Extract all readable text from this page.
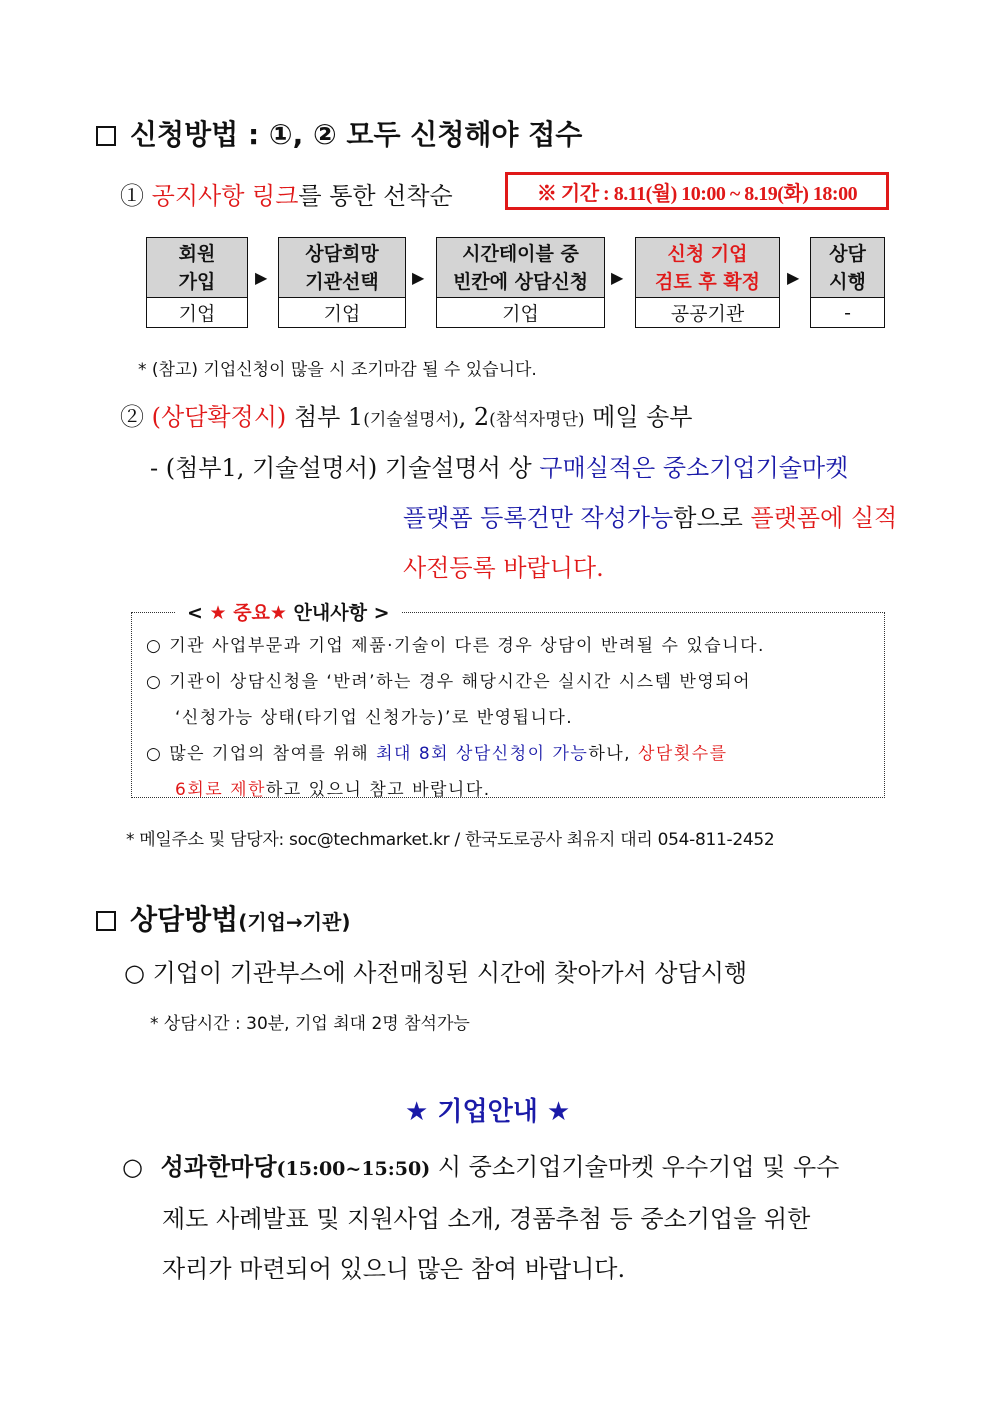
신청방법 : ①, ② 모두 신청해야 접수
① 공지사항 링크를 통한 선착순	※ 기간 : 8.11(월) 10:00 ~ 8.19(화) 18:00
회원
가입
기업
▶
상담희망
기관선택
기업
▶
시간테이블 중
빈칸에 상담신청
기업
▶
신청 기업
검토 후 확정
공공기관
▶
상담
시행
-
* (참고) 기업신청이 많을 시 조기마감 될 수 있습니다.
② (상담확정시) 첨부 1(기술설명서), 2(참석자명단) 메일 송부
- (첨부1, 기술설명서) 기술설명서 상 구매실적은 중소기업기술마켓
플랫폼 등록건만 작성가능함으로 플랫폼에 실적
사전등록 바랍니다.
< ★ 중요★ 안내사항 >
○ 기관 사업부문과 기업 제품·기술이 다른 경우 상담이 반려될 수 있습니다.
○ 기관이 상담신청을 ‘반려’하는 경우 해당시간은 실시간 시스템 반영되어
‘신청가능 상태(타기업 신청가능)’로 반영됩니다.
○ 많은 기업의 참여를 위해 최대 8회 상담신청이 가능하나, 상담횟수를
6회로 제한하고 있으니 참고 바랍니다.
* 메일주소 및 담당자: soc@techmarket.kr / 한국도로공사 최유지 대리 054-811-2452
상담방법(기업→기관)
○ 기업이 기관부스에 사전매칭된 시간에 찾아가서 상담시행
* 상담시간 : 30분, 기업 최대 2명 참석가능
★ 기업안내 ★
○ 성과한마당(15:00~15:50) 시 중소기업기술마켓 우수기업 및 우수
제도 사례발표 및 지원사업 소개, 경품추첨 등 중소기업을 위한
자리가 마련되어 있으니 많은 참여 바랍니다.
